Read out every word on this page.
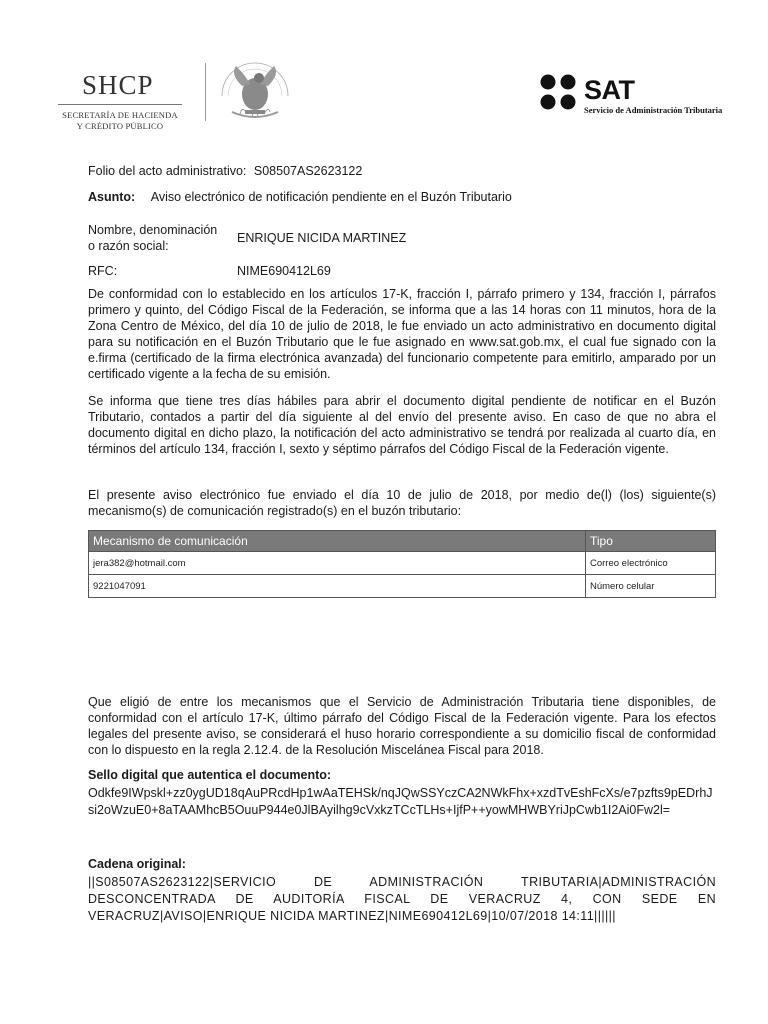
SHCP
SECRETARÍA DE HACIENDA
Y CRÉDITO PÚBLICO
SAT
Servicio de Administración Tributaria
Folio del acto administrativo: S08507AS2623122
Asunto: Aviso electrónico de notificación pendiente en el Buzón Tributario
Nombre, denominación
o razón social:
ENRIQUE NICIDA MARTINEZ
RFC:	NIME690412L69

De conformidad con lo establecido en los artículos 17-K, fracción I, párrafo primero y 134, fracción I, párrafos primero y quinto, del Código Fiscal de la Federación, se informa que a las 14 horas con 11 minutos, hora de la Zona Centro de México, del día 10 de julio de 2018, le fue enviado un acto administrativo en documento digital para su notificación en el Buzón Tributario que le fue asignado en www.sat.gob.mx, el cual fue signado con la e.firma (certificado de la firma electrónica avanzada) del funcionario competente para emitirlo, amparado por un certificado vigente a la fecha de su emisión.

Se informa que tiene tres días hábiles para abrir el documento digital pendiente de notificar en el Buzón Tributario, contados a partir del día siguiente al del envío del presente aviso. En caso de que no abra el documento digital en dicho plazo, la notificación del acto administrativo se tendrá por realizada al cuarto día, en términos del artículo 134, fracción I, sexto y séptimo párrafos del Código Fiscal de la Federación vigente.

El presente aviso electrónico fue enviado el día 10 de julio de 2018, por medio de(l) (los) siguiente(s) mecanismo(s) de comunicación registrado(s) en el buzón tributario:

Mecanismo de comunicación	Tipo
jera382@hotmail.com	Correo electrónico
9221047091	Número celular

Que eligió de entre los mecanismos que el Servicio de Administración Tributaria tiene disponibles, de conformidad con el artículo 17-K, último párrafo del Código Fiscal de la Federación vigente. Para los efectos legales del presente aviso, se considerará el huso horario correspondiente a su domicilio fiscal de conformidad con lo dispuesto en la regla 2.12.4. de la Resolución Miscelánea Fiscal para 2018.

Sello digital que autentica el documento:
Odkfe9IWpskl+zz0ygUD18qAuPRcdHp1wAaTEHSk/nqJQwSSYczCA2NWkFhx+xzdTvEshFcXs/e7pzfts9pEDrhJsi2oWzuE0+8aTAAMhcB5OuuP944e0JlBAyilhg9cVxkzTCcTLHs+IjfP++yowMHWBYriJpCwb1I2Ai0Fw2l=
Cadena original:
||S08507AS2623122|SERVICIO DE ADMINISTRACIÓN TRIBUTARIA|ADMINISTRACIÓN DESCONCENTRADA DE AUDITORÍA FISCAL DE VERACRUZ 4, CON SEDE EN VERACRUZ|AVISO|ENRIQUE NICIDA MARTINEZ|NIME690412L69|10/07/2018 14:11||||||
